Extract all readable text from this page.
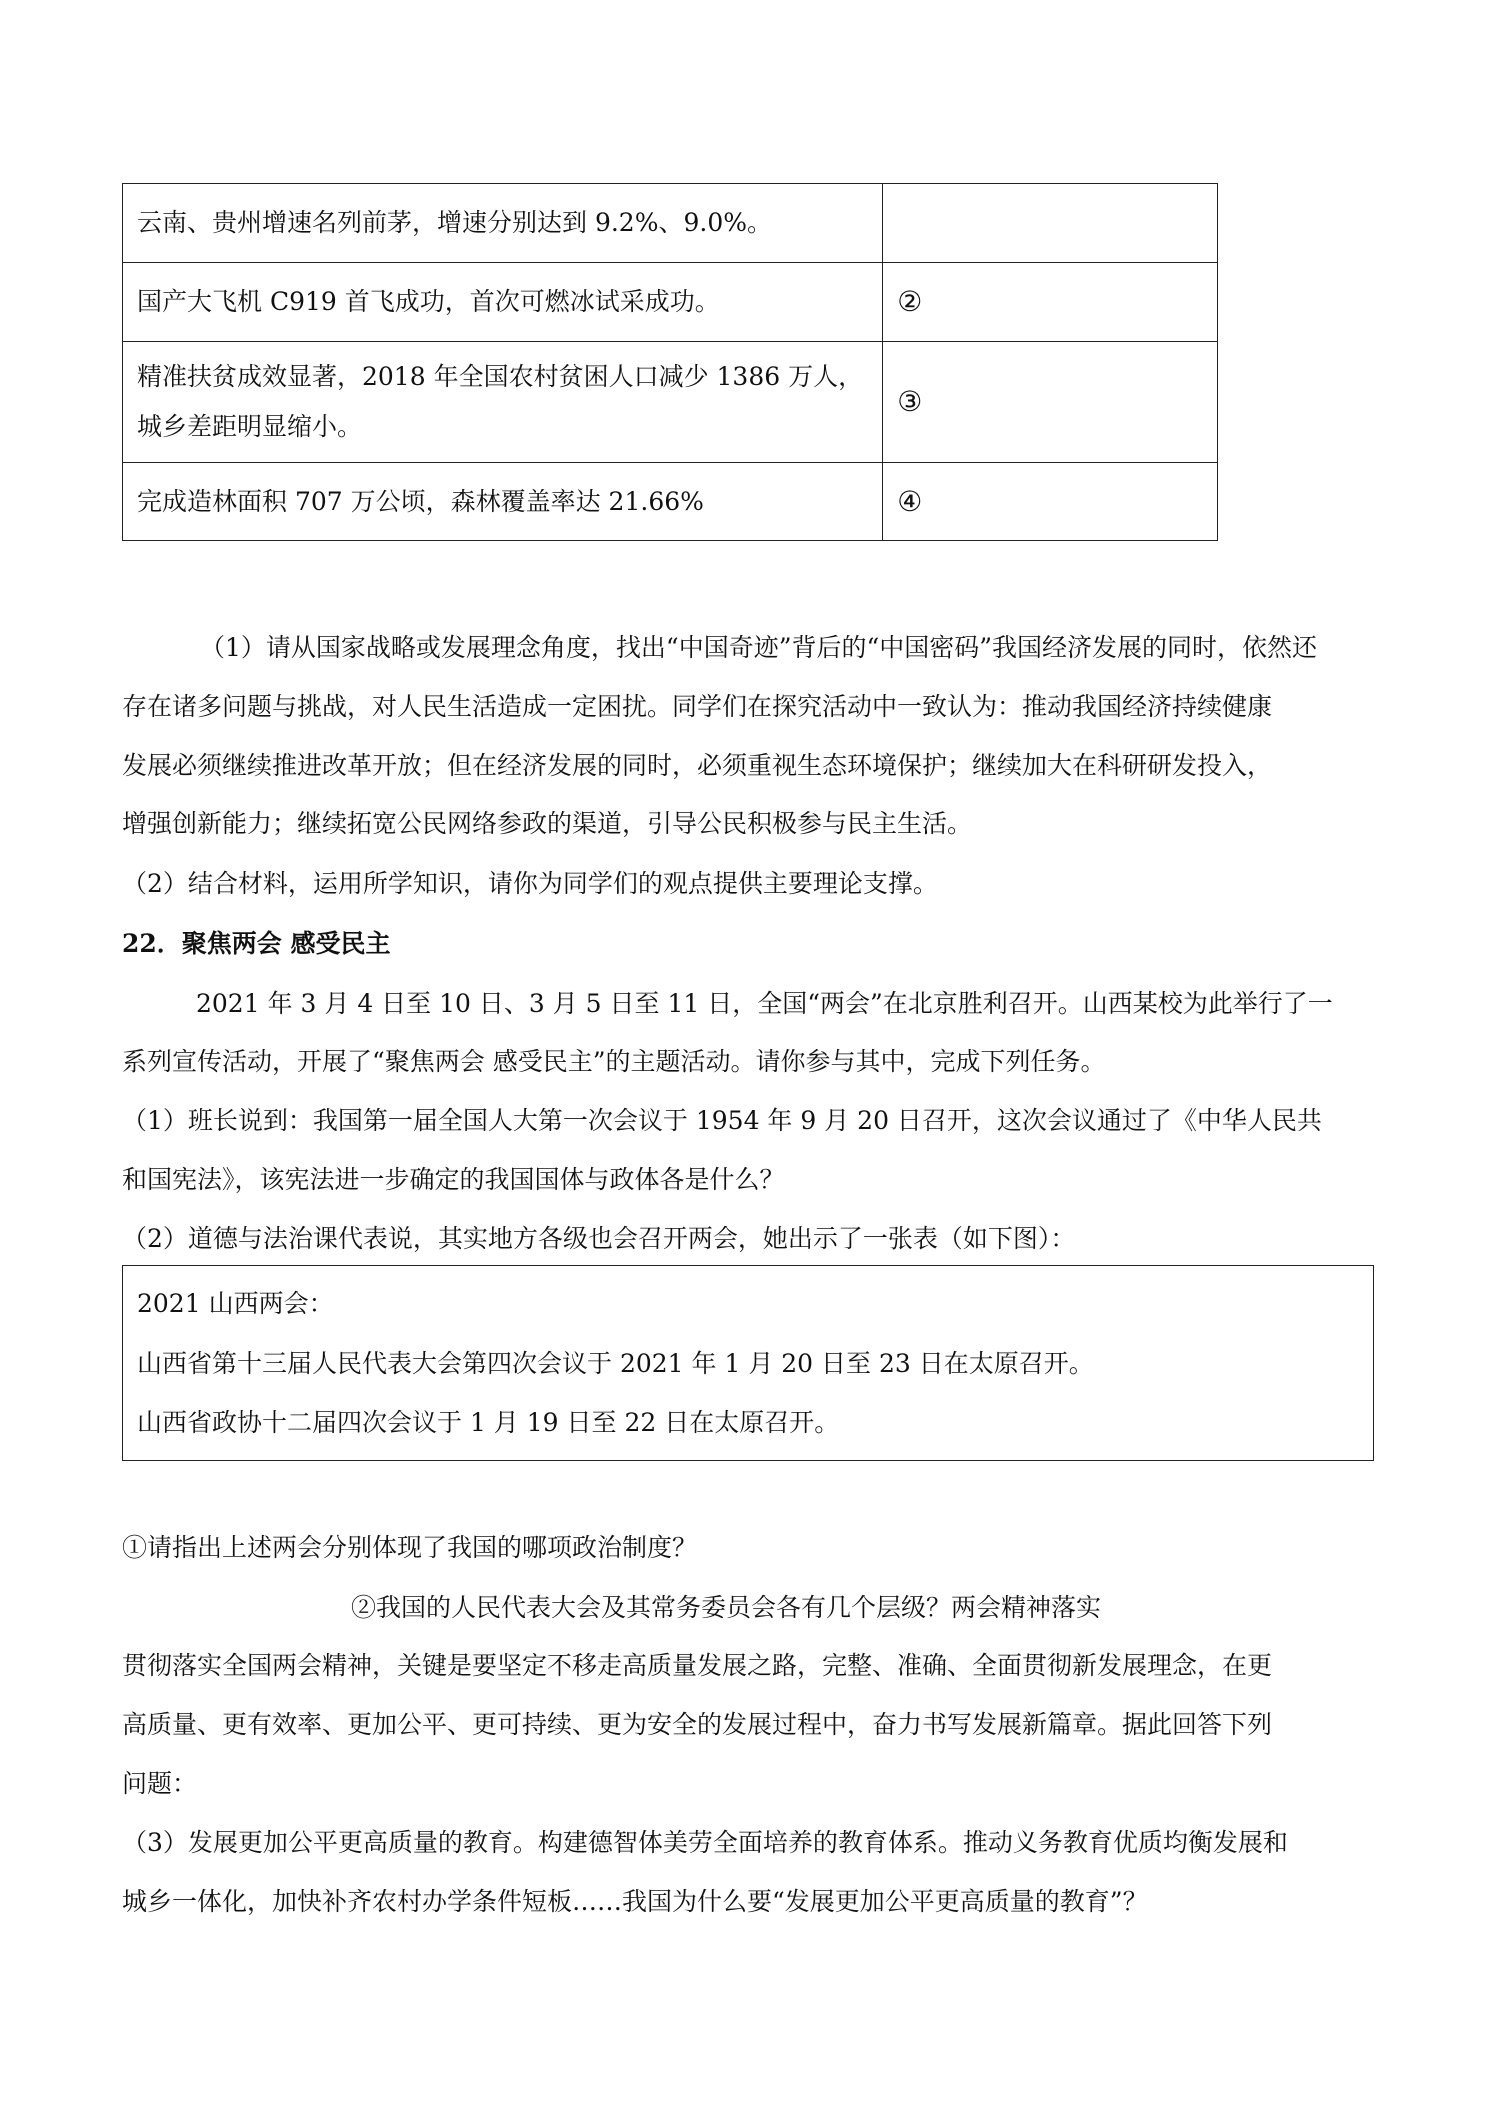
云南、贵州增速名列前茅，增速分别达到 9.2%、9.0%。	
国产大飞机 C919 首飞成功，首次可燃冰试采成功。	②

精准扶贫成效显著，2018 年全国农村贫困人口减少 1386 万人，
城乡差距明显缩小。	③
完成造林面积 707 万公顷，森林覆盖率达 21.66%	④
（1）请从国家战略或发展理念角度，找出“中国奇迹”背后的“中国密码”我国经济发展的同时，依然还
存在诸多问题与挑战，对人民生活造成一定困扰。同学们在探究活动中一致认为：推动我国经济持续健康
发展必须继续推进改革开放；但在经济发展的同时，必须重视生态环境保护；继续加大在科研研发投入，
增强创新能力；继续拓宽公民网络参政的渠道，引导公民积极参与民主生活。
（2）结合材料，运用所学知识，请你为同学们的观点提供主要理论支撑。
22．聚焦两会 感受民主
2021 年 3 月 4 日至 10 日、3 月 5 日至 11 日，全国“两会”在北京胜利召开。山西某校为此举行了一
系列宣传活动，开展了“聚焦两会 感受民主”的主题活动。请你参与其中，完成下列任务。
（1）班长说到：我国第一届全国人大第一次会议于 1954 年 9 月 20 日召开，这次会议通过了《中华人民共
和国宪法》，该宪法进一步确定的我国国体与政体各是什么？
（2）道德与法治课代表说，其实地方各级也会召开两会，她出示了一张表（如下图）：
2021 山西两会：
山西省第十三届人民代表大会第四次会议于 2021 年 1 月 20 日至 23 日在太原召开。
山西省政协十二届四次会议于 1 月 19 日至 22 日在太原召开。
①请指出上述两会分别体现了我国的哪项政治制度？
②我国的人民代表大会及其常务委员会各有几个层级？两会精神落实
贯彻落实全国两会精神，关键是要坚定不移走高质量发展之路，完整、准确、全面贯彻新发展理念，在更
高质量、更有效率、更加公平、更可持续、更为安全的发展过程中，奋力书写发展新篇章。据此回答下列
问题：
（3）发展更加公平更高质量的教育。构建德智体美劳全面培养的教育体系。推动义务教育优质均衡发展和
城乡一体化，加快补齐农村办学条件短板……我国为什么要“发展更加公平更高质量的教育”？
